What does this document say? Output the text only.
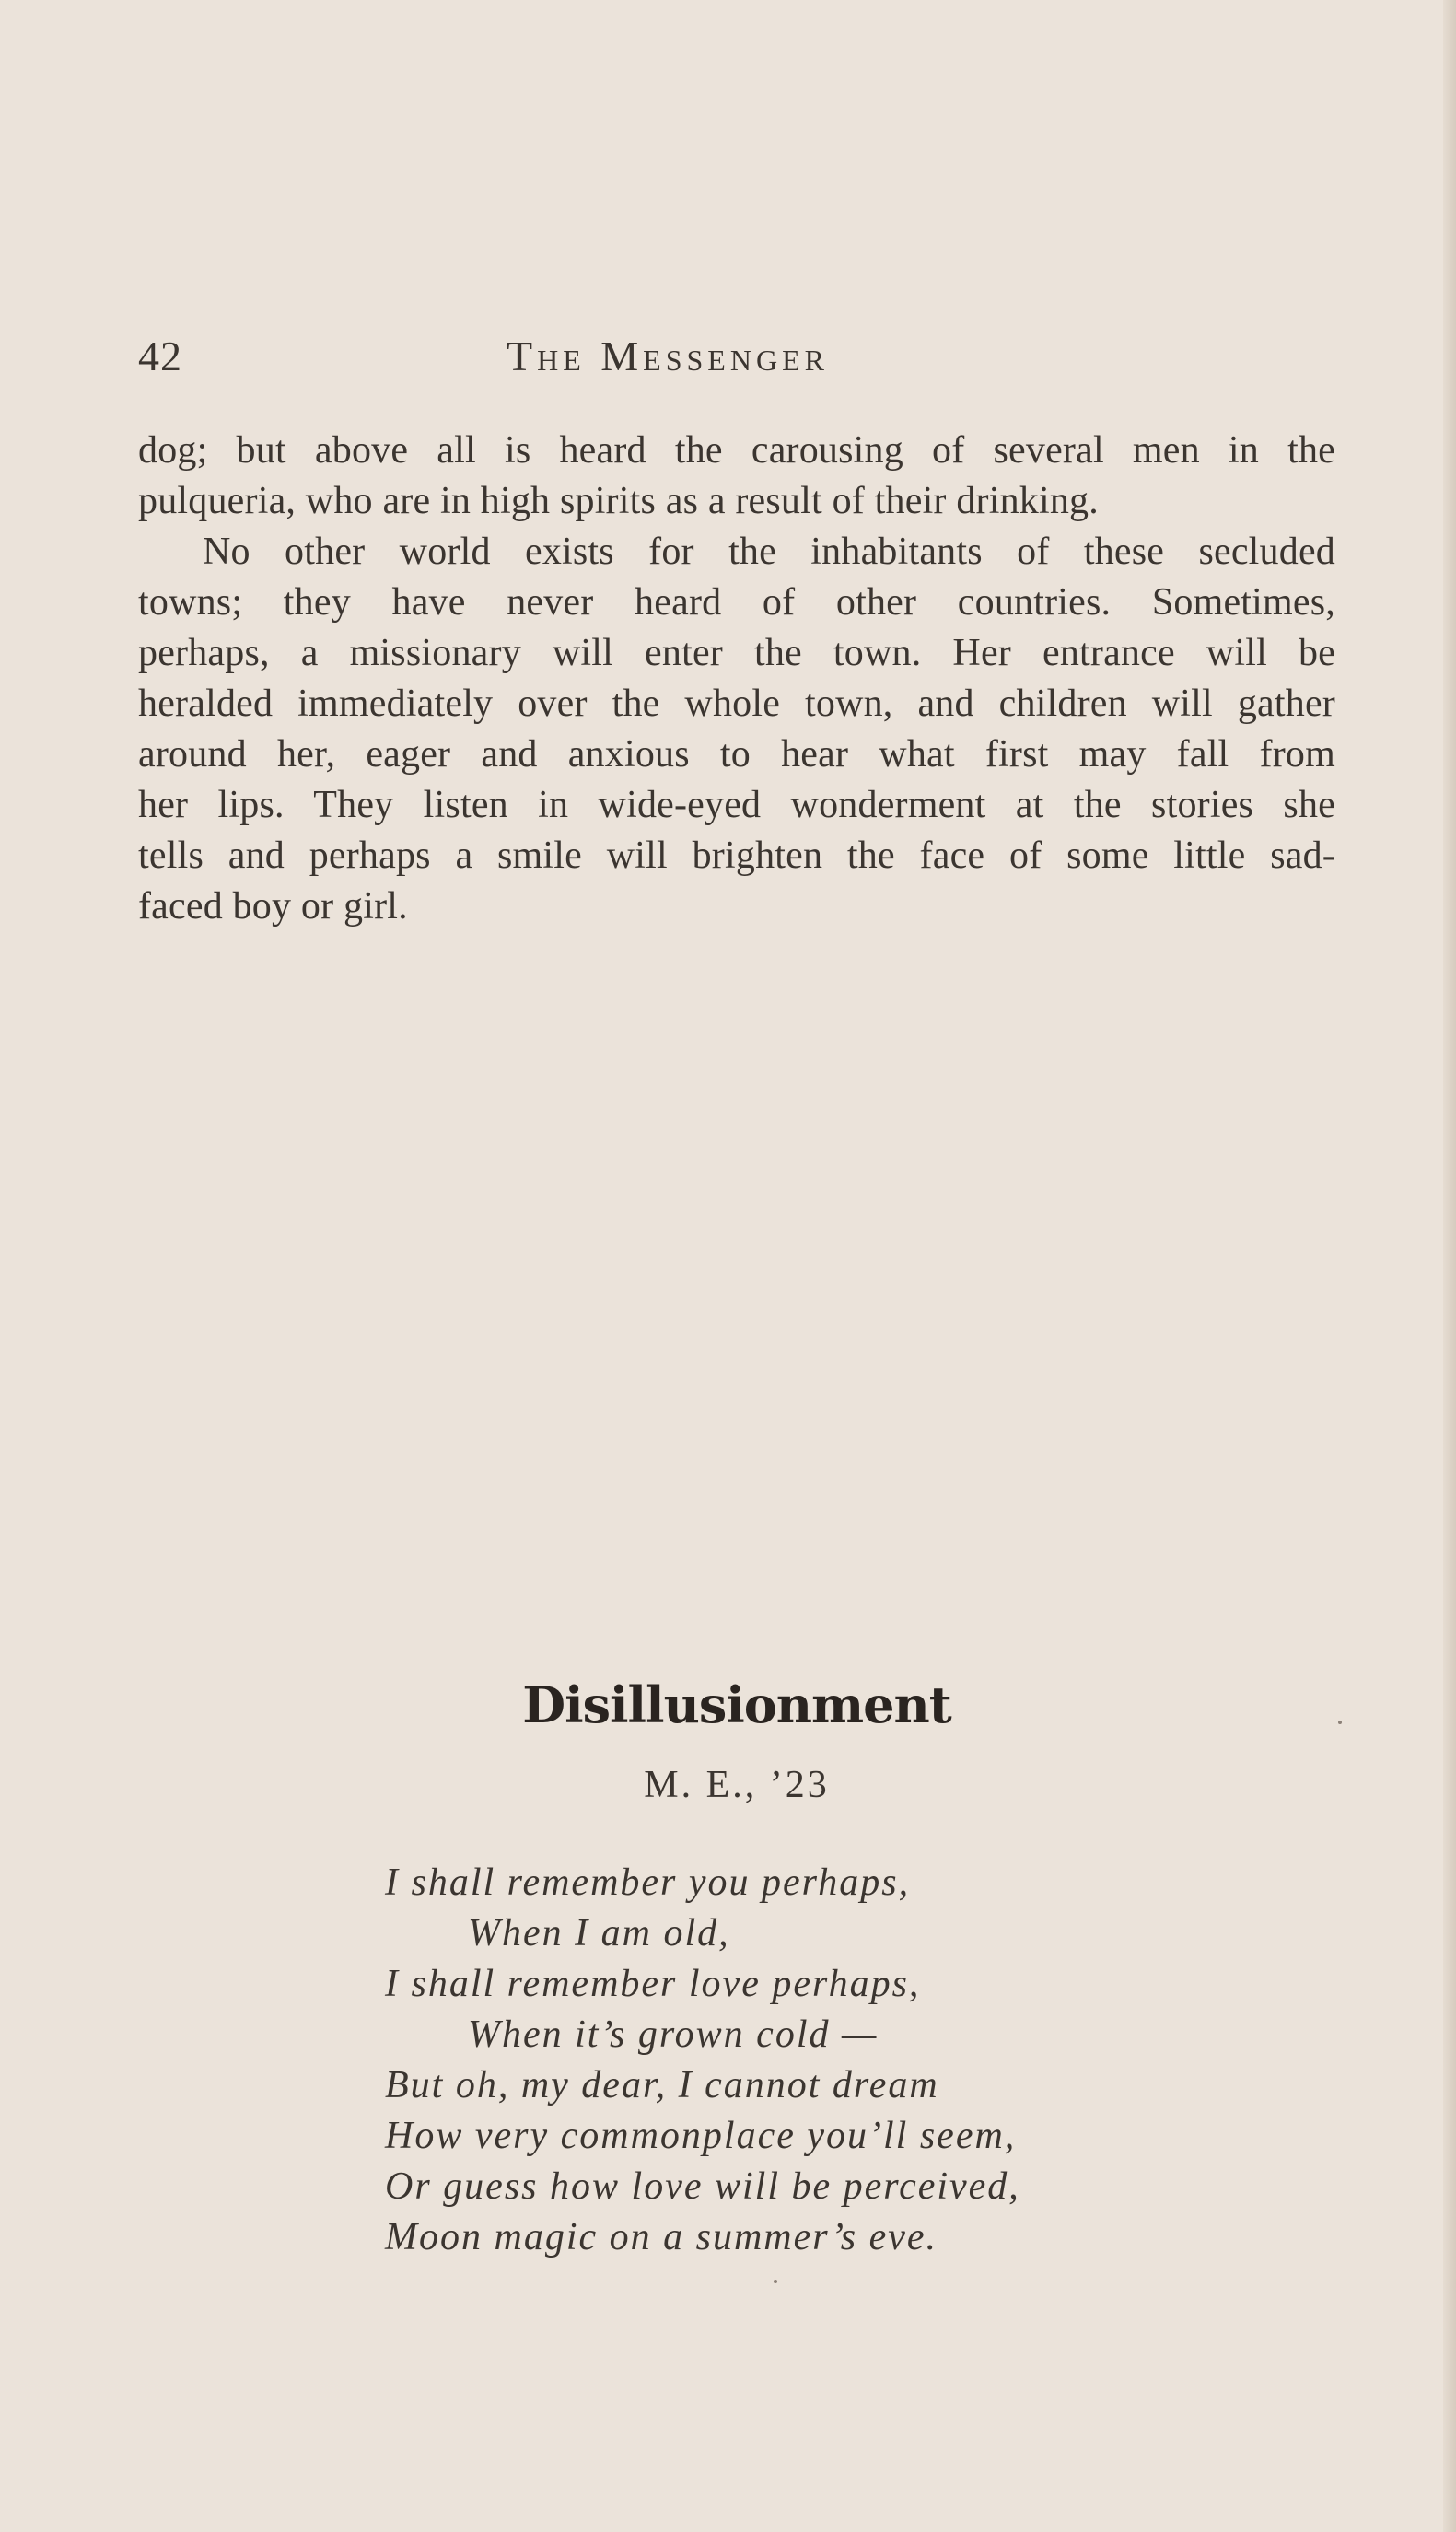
42	The Messenger
dog; but above all is heard the carousing of several men in the
pulqueria, who are in high spirits as a result of their drinking.
No other world exists for the inhabitants of these secluded
towns; they have never heard of other countries. Sometimes,
perhaps, a missionary will enter the town. Her entrance will be
heralded immediately over the whole town, and children will gather
around her, eager and anxious to hear what first may fall from
her lips. They listen in wide-eyed wonderment at the stories she
tells and perhaps a smile will brighten the face of some little sad-
faced boy or girl.
Disillusionment
M. E., ’23
I shall remember you perhaps,
When I am old,
I shall remember love perhaps,
When it’s grown cold —
But oh, my dear, I cannot dream
How very commonplace you’ll seem,
Or guess how love will be perceived,
Moon magic on a summer’s eve.
